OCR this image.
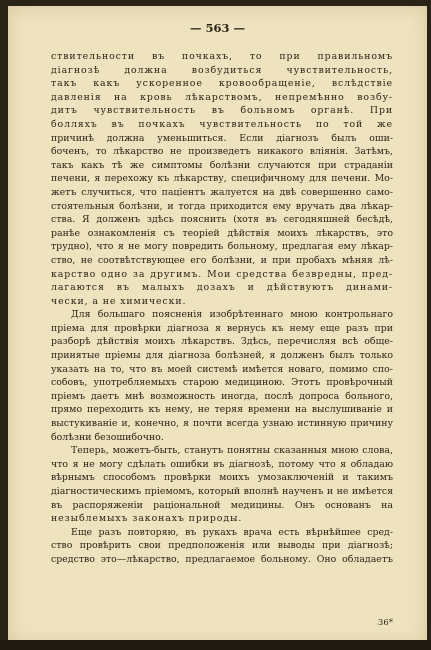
— 563 —
ствительности въ почкахъ, то при правильномъ
діагнозѣ должна возбудиться чувствительность,
такъ какъ ускоренное кровообращеніе, вслѣдствіе
давленія на кровь лѣкарствомъ, непремѣнно возбу-
дитъ чувствительность въ больномъ органѣ. При
болляхъ въ почкахъ чувствительность по той же
причинѣ должна уменьшиться. Если діагнозъ былъ оши-
боченъ, то лѣкарство не произведетъ никакого вліянія. Затѣмъ,
такъ какъ тѣ же симптомы болѣзни случаются при страданіи
печени, я перехожу къ лѣкарству, специфичному для печени. Мо-
жетъ случиться, что паціентъ жалуется на двѣ совершенно само-
стоятельныя болѣзни, и тогда приходится ему вручать два лѣкар-
ства. Я долженъ здѣсь пояснить (хотя въ сегодняшней бесѣдѣ,
ранѣе ознакомленія съ теоріей дѣйствія моихъ лѣкарствъ, это
трудно), что я не могу повредить больному, предлагая ему лѣкар-
ство, не соотвѣтствующее его болѣзни, и при пробахъ мѣняя лѣ-
карство одно за другимъ. Мои средства безвредны, пред-
лагаются въ малыхъ дозахъ и дѣйствуютъ динами-
чески, а не химически.
Для большаго поясненія изобрѣтеннаго мною контрольнаго
пріема для провѣрки діагноза я вернусь къ нему еще разъ при
разборѣ дѣйствія моихъ лѣкарствъ. Здѣсь, перечисляя всѣ обще-
принятые пріемы для діагноза болѣзней, я долженъ былъ только
указать на то, что въ моей системѣ имѣется новаго, помимо спо-
собовъ, употребляемыхъ старою медициною. Этотъ провѣрочный
пріемъ даетъ мнѣ возможность иногда, послѣ допроса больного,
прямо переходить къ нему, не теряя времени на выслушиваніе и
выстукиваніе и, конечно, я почти всегда узнаю истинную причину
болѣзни безошибочно.
Теперь, можетъ-быть, станутъ понятны сказанныя мною слова,
что я не могу сдѣлать ошибки въ діагнозѣ, потому что я обладаю
вѣрнымъ способомъ провѣрки моихъ умозаключеній и такимъ
діагностическимъ пріемомъ, который вполнѣ наученъ и не имѣется
въ распоряженіи раціональной медицины. Онъ основанъ на
незыблемыхъ законахъ природы.
Еще разъ повторяю, въ рукахъ врача есть вѣрнѣйшее сред-
ство провѣрить свои предположенія или выводы при діагнозѣ;
средство это—лѣкарство, предлагаемое больному. Оно обладаетъ
36*
